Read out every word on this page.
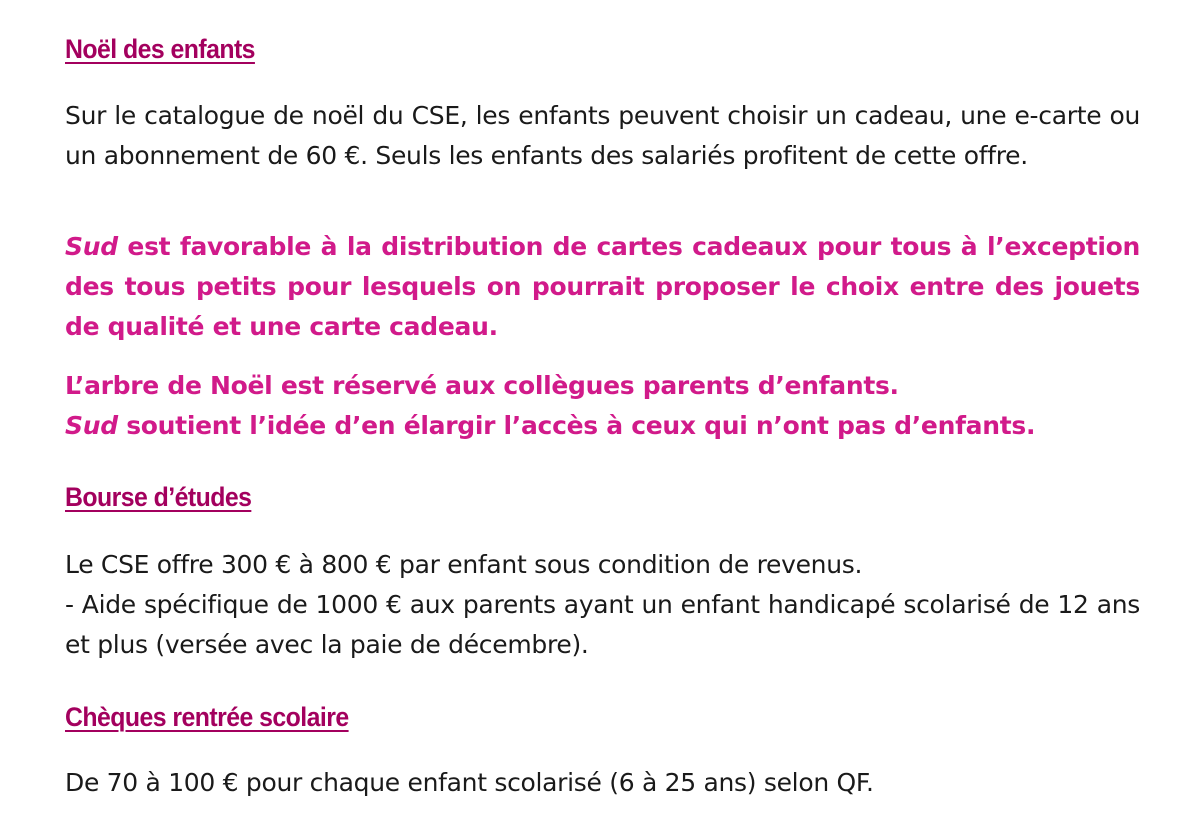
Noël des enfants
Sur le catalogue de noël du CSE, les enfants peuvent choisir un cadeau, une e-carte ou un abonnement de 60 €. Seuls les enfants des salariés profitent de cette offre.
Sud est favorable à la distribution de cartes cadeaux pour tous à l’exception des tous petits pour lesquels on pourrait proposer le choix entre des jouets de qualité et une carte cadeau.
L’arbre de Noël est réservé aux collègues parents d’enfants.
Sud soutient l’idée d’en élargir l’accès à ceux qui n’ont pas d’enfants.
Bourse d’études
Le CSE offre 300 € à 800 € par enfant sous condition de revenus.
- Aide spécifique de 1000 € aux parents ayant un enfant handicapé scolarisé de 12 ans et plus (versée avec la paie de décembre).
Chèques rentrée scolaire
De 70 à 100 € pour chaque enfant scolarisé (6 à 25 ans) selon QF.
